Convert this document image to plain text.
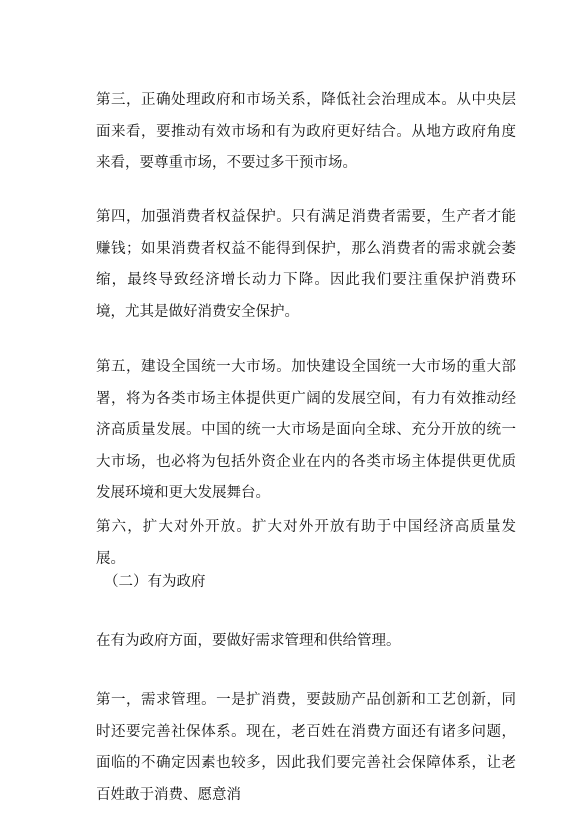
第三，正确处理政府和市场关系，降低社会治理成本。从中央层面来看，要推动有效市场和有为政府更好结合。从地方政府角度来看，要尊重市场，不要过多干预市场。

第四，加强消费者权益保护。只有满足消费者需要，生产者才能赚钱；如果消费者权益不能得到保护，那么消费者的需求就会萎缩，最终导致经济增长动力下降。因此我们要注重保护消费环境，尤其是做好消费安全保护。

第五，建设全国统一大市场。加快建设全国统一大市场的重大部署，将为各类市场主体提供更广阔的发展空间，有力有效推动经济高质量发展。中国的统一大市场是面向全球、充分开放的统一大市场，也必将为包括外资企业在内的各类市场主体提供更优质发展环境和更大发展舞台。

第六，扩大对外开放。扩大对外开放有助于中国经济高质量发展。

（二）有为政府

在有为政府方面，要做好需求管理和供给管理。

第一，需求管理。一是扩消费，要鼓励产品创新和工艺创新，同时还要完善社保体系。现在，老百姓在消费方面还有诸多问题，面临的不确定因素也较多，因此我们要完善社会保障体系，让老百姓敢于消费、愿意消
